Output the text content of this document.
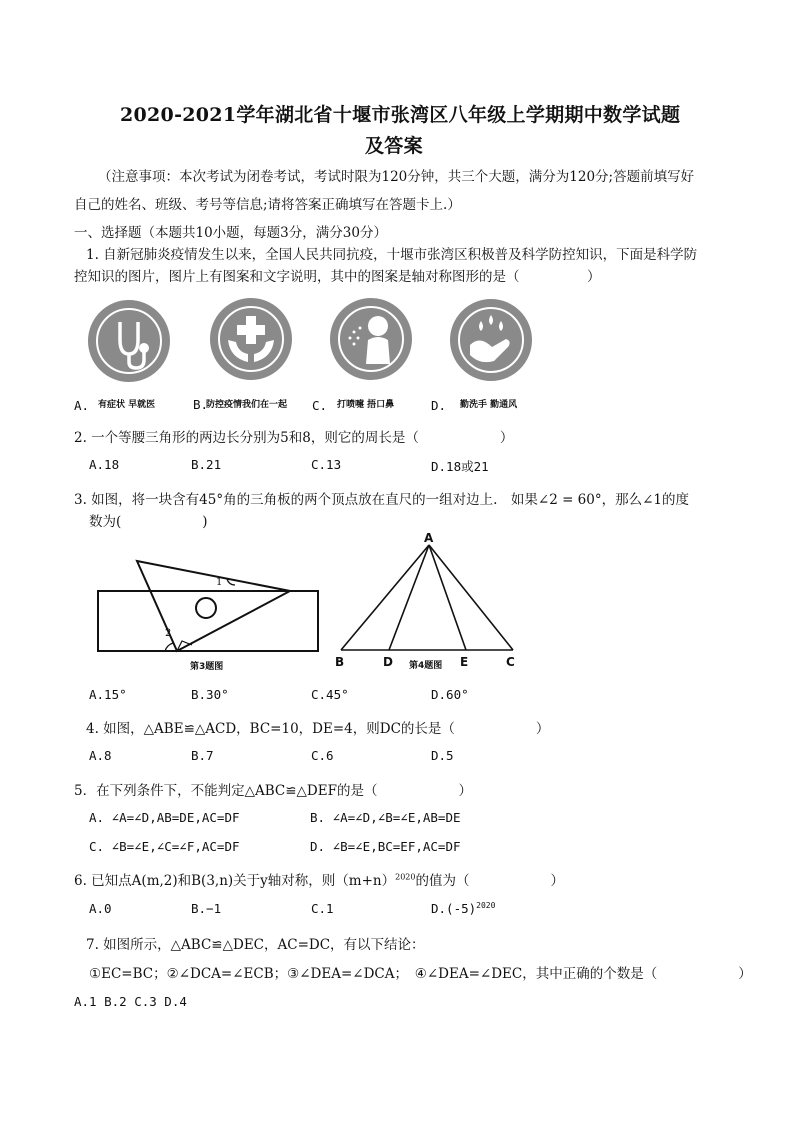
2020-2021学年湖北省十堰市张湾区八年级上学期期中数学试题
及答案
（注意事项：本次考试为闭卷考试，考试时限为120分钟，共三个大题，满分为120分;答题前填写好
自己的姓名、班级、考号等信息;请将答案正确填写在答题卡上.）
一、选择题（本题共10小题，每题3分，满分30分）
1. 自新冠肺炎疫情发生以来，全国人民共同抗疫，十堰市张湾区积极普及科学防控知识，下面是科学防
控知识的图片，图片上有图案和文字说明，其中的图案是轴对称图形的是（　　　　　）
A. 有症状 早就医	B.
防控疫情我们在一起 C. 打喷嚏 捂口鼻	D. 勤洗手 勤通风
2. 一个等腰三角形的两边长分别为5和8，则它的周长是（　　　　　　）
A.18	B.21	C.13	D.18或21
3. 如图，将一块含有45°角的三角板的两个顶点放在直尺的一组对边上.　如果∠2 = 60°，那么∠1的度
数为(　　　　　　)
1
2
第3题图
A
B	D	E	C
第4题图
A.15°	B.30°	C.45°	D.60°
4. 如图，△ABE≌△ACD，BC=10，DE=4，则DC的长是（　　　　　　）
A.8	B.7	C.6	D.5
5．在下列条件下，不能判定△ABC≌△DEF的是（　　　　　　）
A. ∠A=∠D,AB=DE,AC=DF	B. ∠A=∠D,∠B=∠E,AB=DE
C. ∠B=∠E,∠C=∠F,AC=DF	D. ∠B=∠E,BC=EF,AC=DF
6. 已知点A(m,2)和B(3,n)关于y轴对称，则$(m+n)^{2020}$的值为（　　　　　　）
A.0	B.−1	C.1	$D.(-5)^{2020}$
7. 如图所示，△ABC≌△DEC，AC=DC，有以下结论：
①EC=BC；②∠DCA=∠ECB；③∠DEA=∠DCA；　④∠DEA=∠DEC，其中正确的个数是（　　　　　　）
A.1 B.2 C.3 D.4
